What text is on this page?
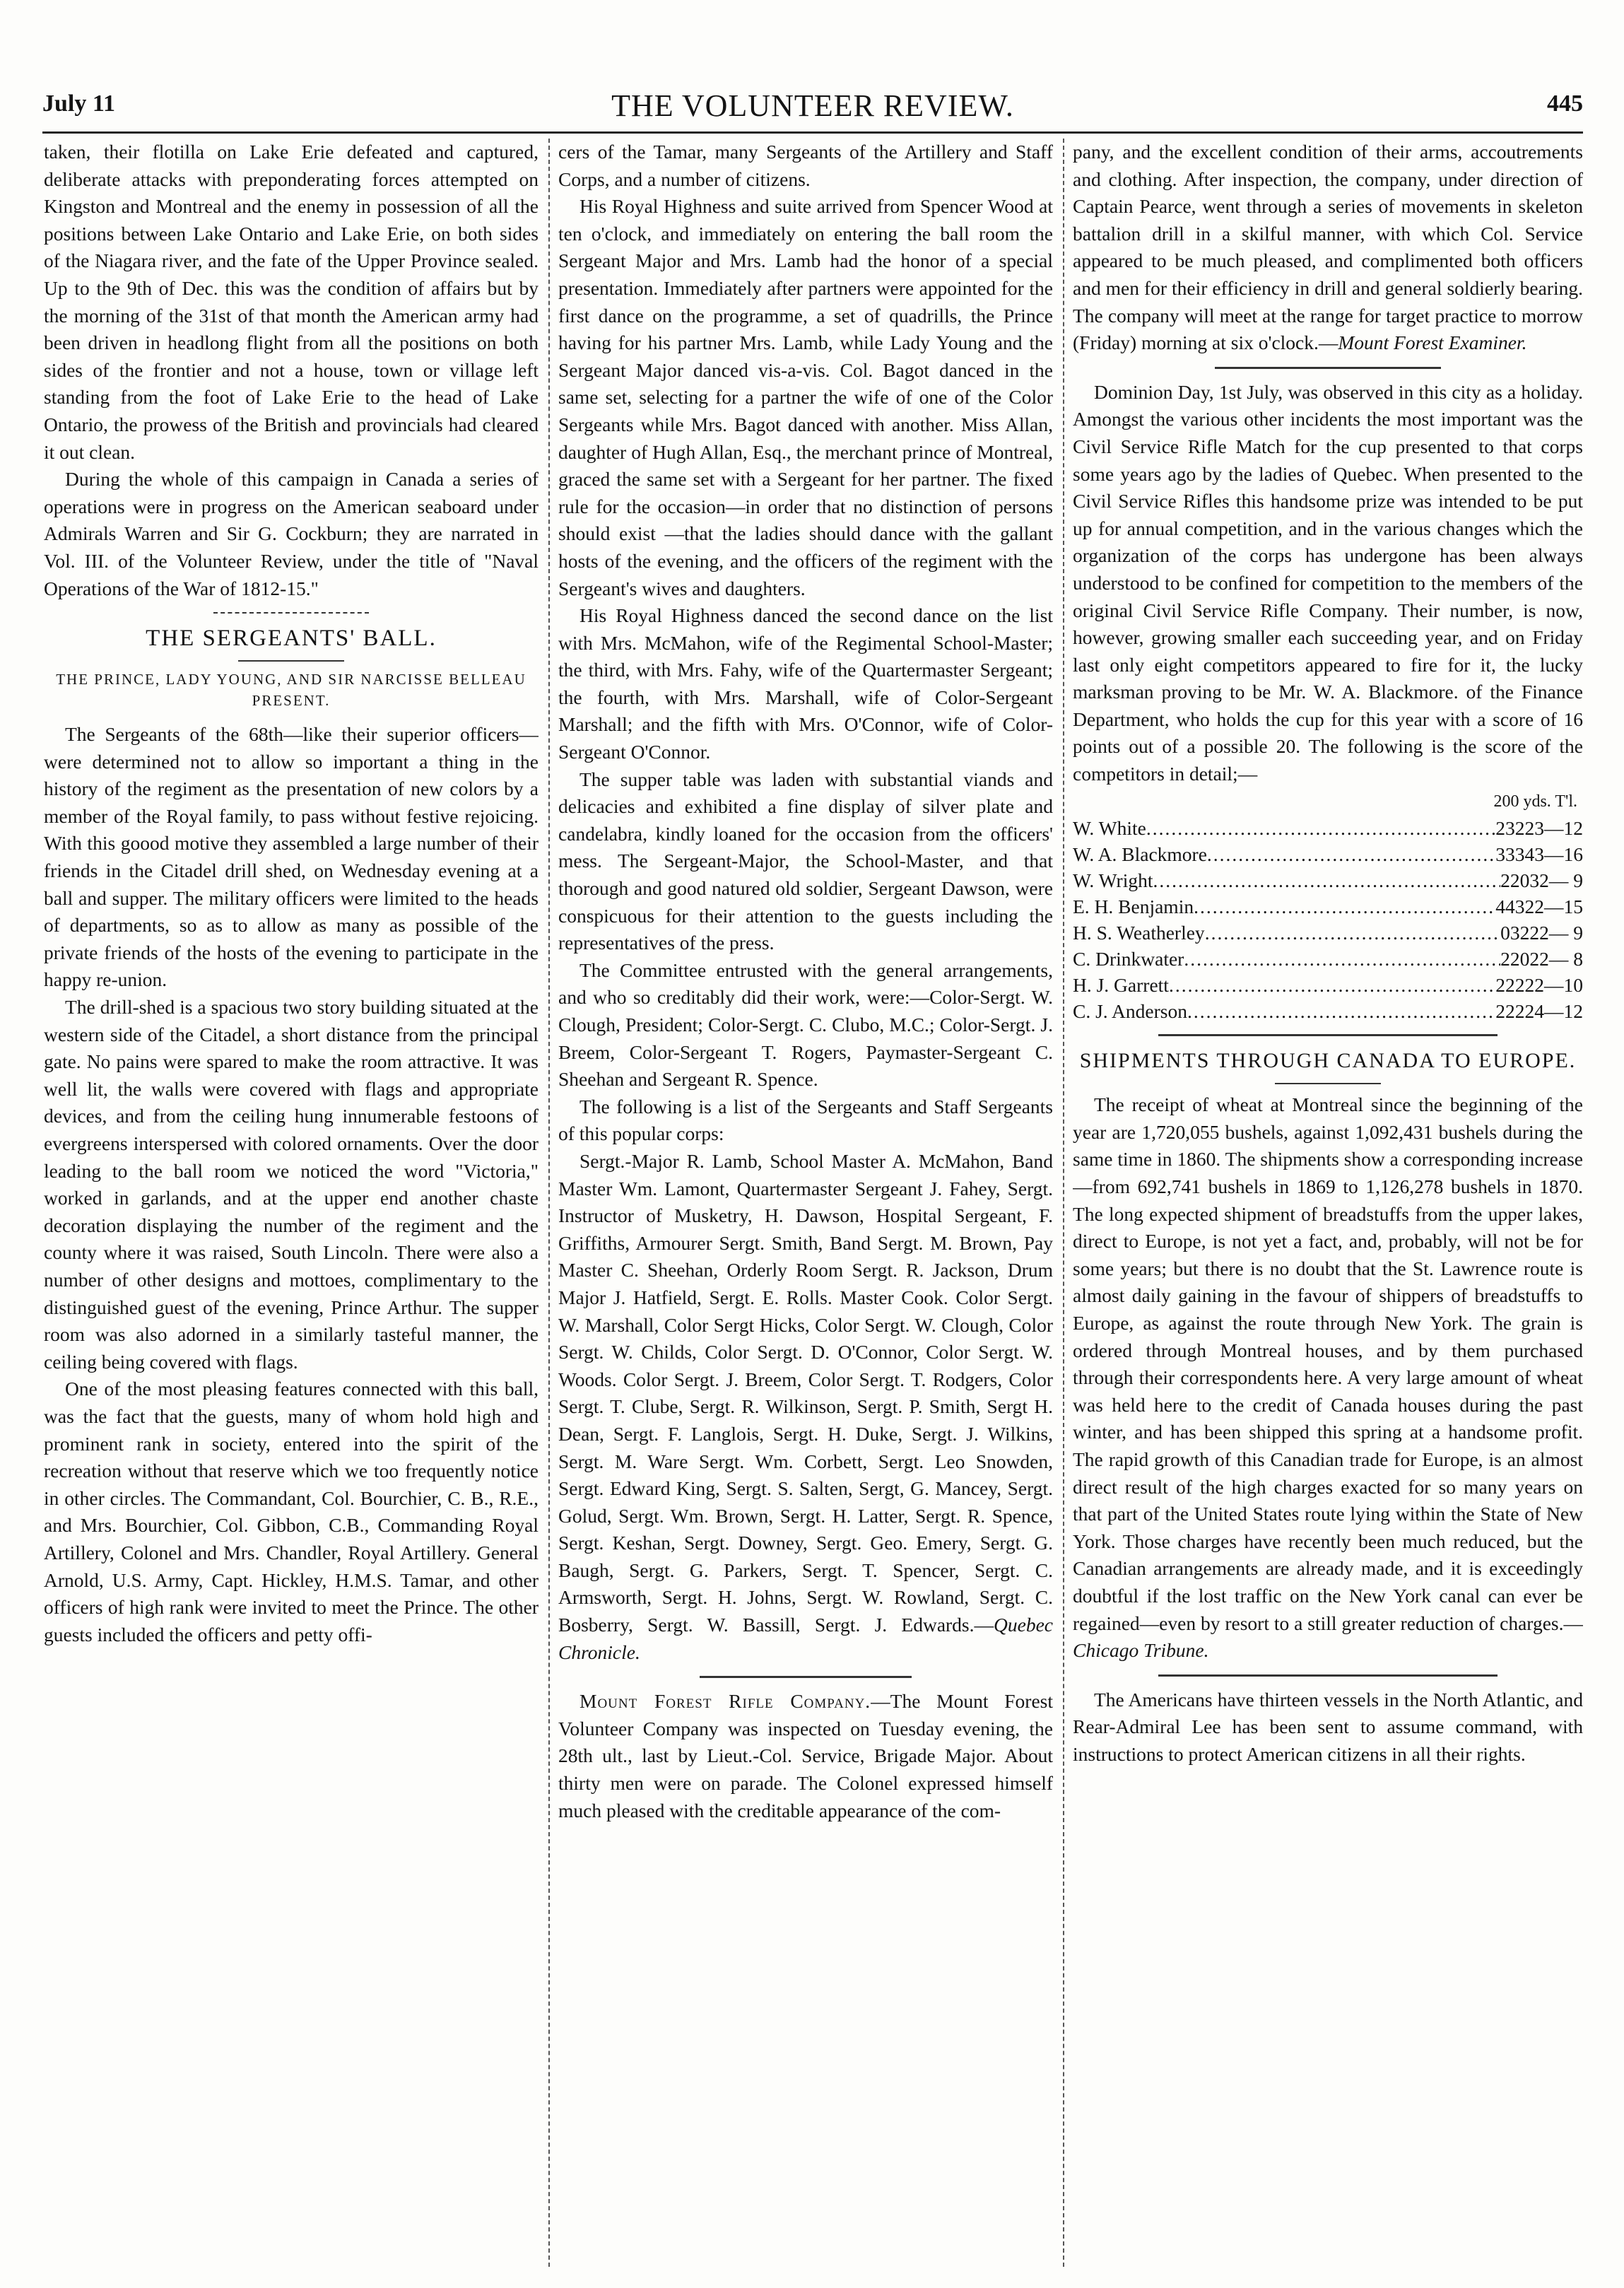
July 11	THE VOLUNTEER REVIEW.	445

taken, their flotilla on Lake Erie defeated and captured, deliberate attacks with preponderating forces attempted on Kingston and Montreal and the enemy in possession of all the positions between Lake Ontario and Lake Erie, on both sides of the Niagara river, and the fate of the Upper Province sealed. Up to the 9th of Dec. this was the condition of affairs but by the morning of the 31st of that month the American army had been driven in headlong flight from all the positions on both sides of the frontier and not a house, town or village left standing from the foot of Lake Erie to the head of Lake Ontario, the prowess of the British and provincials had cleared it out clean.

During the whole of this campaign in Canada a series of operations were in progress on the American seaboard under Admirals Warren and Sir G. Cockburn; they are narrated in Vol. III. of the Volunteer Review, under the title of "Naval Operations of the War of 1812-15."

THE SERGEANTS' BALL.
THE PRINCE, LADY YOUNG, AND SIR NARCISSE BELLEAU PRESENT.

The Sergeants of the 68th—like their superior officers—were determined not to allow so important a thing in the history of the regiment as the presentation of new colors by a member of the Royal family, to pass without festive rejoicing. With this goood motive they assembled a large number of their friends in the Citadel drill shed, on Wednesday evening at a ball and supper. The military officers were limited to the heads of departments, so as to allow as many as possible of the private friends of the hosts of the evening to participate in the happy re-union.

The drill-shed is a spacious two story building situated at the western side of the Citadel, a short distance from the principal gate. No pains were spared to make the room attractive. It was well lit, the walls were covered with flags and appropriate devices, and from the ceiling hung innumerable festoons of evergreens interspersed with colored ornaments. Over the door leading to the ball room we noticed the word "Victoria," worked in garlands, and at the upper end another chaste decoration displaying the number of the regiment and the county where it was raised, South Lincoln. There were also a number of other designs and mottoes, complimentary to the distinguished guest of the evening, Prince Arthur. The supper room was also adorned in a similarly tasteful manner, the ceiling being covered with flags.

One of the most pleasing features connected with this ball, was the fact that the guests, many of whom hold high and prominent rank in society, entered into the spirit of the recreation without that reserve which we too frequently notice in other circles. The Commandant, Col. Bourchier, C. B., R.E., and Mrs. Bourchier, Col. Gibbon, C.B., Commanding Royal Artillery, Colonel and Mrs. Chandler, Royal Artillery. General Arnold, U.S. Army, Capt. Hickley, H.M.S. Tamar, and other officers of high rank were invited to meet the Prince. The other guests included the officers and petty offi-

cers of the Tamar, many Sergeants of the Artillery and Staff Corps, and a number of citizens.

His Royal Highness and suite arrived from Spencer Wood at ten o'clock, and immediately on entering the ball room the Sergeant Major and Mrs. Lamb had the honor of a special presentation. Immediately after partners were appointed for the first dance on the programme, a set of quadrills, the Prince having for his partner Mrs. Lamb, while Lady Young and the Sergeant Major danced vis-a-vis. Col. Bagot danced in the same set, selecting for a partner the wife of one of the Color Sergeants while Mrs. Bagot danced with another. Miss Allan, daughter of Hugh Allan, Esq., the merchant prince of Montreal, graced the same set with a Sergeant for her partner. The fixed rule for the occasion—in order that no distinction of persons should exist —that the ladies should dance with the gallant hosts of the evening, and the officers of the regiment with the Sergeant's wives and daughters.

His Royal Highness danced the second dance on the list with Mrs. McMahon, wife of the Regimental School-Master; the third, with Mrs. Fahy, wife of the Quartermaster Sergeant; the fourth, with Mrs. Marshall, wife of Color-Sergeant Marshall; and the fifth with Mrs. O'Connor, wife of Color-Sergeant O'Connor.

The supper table was laden with substantial viands and delicacies and exhibited a fine display of silver plate and candelabra, kindly loaned for the occasion from the officers' mess. The Sergeant-Major, the School-Master, and that thorough and good natured old soldier, Sergeant Dawson, were conspicuous for their attention to the guests including the representatives of the press.

The Committee entrusted with the general arrangements, and who so creditably did their work, were:—Color-Sergt. W. Clough, President; Color-Sergt. C. Clubo, M.C.; Color-Sergt. J. Breem, Color-Sergeant T. Rogers, Paymaster-Sergeant C. Sheehan and Sergeant R. Spence.

The following is a list of the Sergeants and Staff Sergeants of this popular corps:

Sergt.-Major R. Lamb, School Master A. McMahon, Band Master Wm. Lamont, Quartermaster Sergeant J. Fahey, Sergt. Instructor of Musketry, H. Dawson, Hospital Sergeant, F. Griffiths, Armourer Sergt. Smith, Band Sergt. M. Brown, Pay Master C. Sheehan, Orderly Room Sergt. R. Jackson, Drum Major J. Hatfield, Sergt. E. Rolls. Master Cook. Color Sergt. W. Marshall, Color Sergt Hicks, Color Sergt. W. Clough, Color Sergt. W. Childs, Color Sergt. D. O'Connor, Color Sergt. W. Woods. Color Sergt. J. Breem, Color Sergt. T. Rodgers, Color Sergt. T. Clube, Sergt. R. Wilkinson, Sergt. P. Smith, Sergt H. Dean, Sergt. F. Langlois, Sergt. H. Duke, Sergt. J. Wilkins, Sergt. M. Ware Sergt. Wm. Corbett, Sergt. Leo Snowden, Sergt. Edward King, Sergt. S. Salten, Sergt, G. Mancey, Sergt. Golud, Sergt. Wm. Brown, Sergt. H. Latter, Sergt. R. Spence, Sergt. Keshan, Sergt. Downey, Sergt. Geo. Emery, Sergt. G. Baugh, Sergt. G. Parkers, Sergt. T. Spencer, Sergt. C. Armsworth, Sergt. H. Johns, Sergt. W. Rowland, Sergt. C. Bosberry, Sergt. W. Bassill, Sergt. J. Edwards.—Quebec Chronicle.

Mount Forest Rifle Company.—The Mount Forest Volunteer Company was inspected on Tuesday evening, the 28th ult., last by Lieut.-Col. Service, Brigade Major. About thirty men were on parade. The Colonel expressed himself much pleased with the creditable appearance of the com-

pany, and the excellent condition of their arms, accoutrements and clothing. After inspection, the company, under direction of Captain Pearce, went through a series of movements in skeleton battalion drill in a skilful manner, with which Col. Service appeared to be much pleased, and complimented both officers and men for their efficiency in drill and general soldierly bearing. The company will meet at the range for target practice to morrow (Friday) morning at six o'clock.—Mount Forest Examiner.

Dominion Day, 1st July, was observed in this city as a holiday. Amongst the various other incidents the most important was the Civil Service Rifle Match for the cup presented to that corps some years ago by the ladies of Quebec. When presented to the Civil Service Rifles this handsome prize was intended to be put up for annual competition, and in the various changes which the organization of the corps has undergone has been always understood to be confined for competition to the members of the original Civil Service Rifle Company. Their number, is now, however, growing smaller each succeeding year, and on Friday last only eight competitors appeared to fire for it, the lucky marksman proving to be Mr. W. A. Blackmore. of the Finance Department, who holds the cup for this year with a score of 16 points out of a possible 20. The following is the score of the competitors in detail;—

200 yds. T'l.
W. White .....	23223—12
W. A. Blackmore .....	33343—16
W. Wright .....	22032— 9
E. H. Benjamin .....	44322—15
H. S. Weatherley .....	03222— 9
C. Drinkwater .....	22022— 8
H. J. Garrett .....	22222—10
C. J. Anderson .....	22224—12
SHIPMENTS THROUGH CANADA TO EUROPE.

The receipt of wheat at Montreal since the beginning of the year are 1,720,055 bushels, against 1,092,431 bushels during the same time in 1860. The shipments show a corresponding increase—from 692,741 bushels in 1869 to 1,126,278 bushels in 1870. The long expected shipment of breadstuffs from the upper lakes, direct to Europe, is not yet a fact, and, probably, will not be for some years; but there is no doubt that the St. Lawrence route is almost daily gaining in the favour of shippers of breadstuffs to Europe, as against the route through New York. The grain is ordered through Montreal houses, and by them purchased through their correspondents here. A very large amount of wheat was held here to the credit of Canada houses during the past winter, and has been shipped this spring at a handsome profit. The rapid growth of this Canadian trade for Europe, is an almost direct result of the high charges exacted for so many years on that part of the United States route lying within the State of New York. Those charges have recently been much reduced, but the Canadian arrangements are already made, and it is exceedingly doubtful if the lost traffic on the New York canal can ever be regained—even by resort to a still greater reduction of charges.—Chicago Tribune.

The Americans have thirteen vessels in the North Atlantic, and Rear-Admiral Lee has been sent to assume command, with instructions to protect American citizens in all their rights.
